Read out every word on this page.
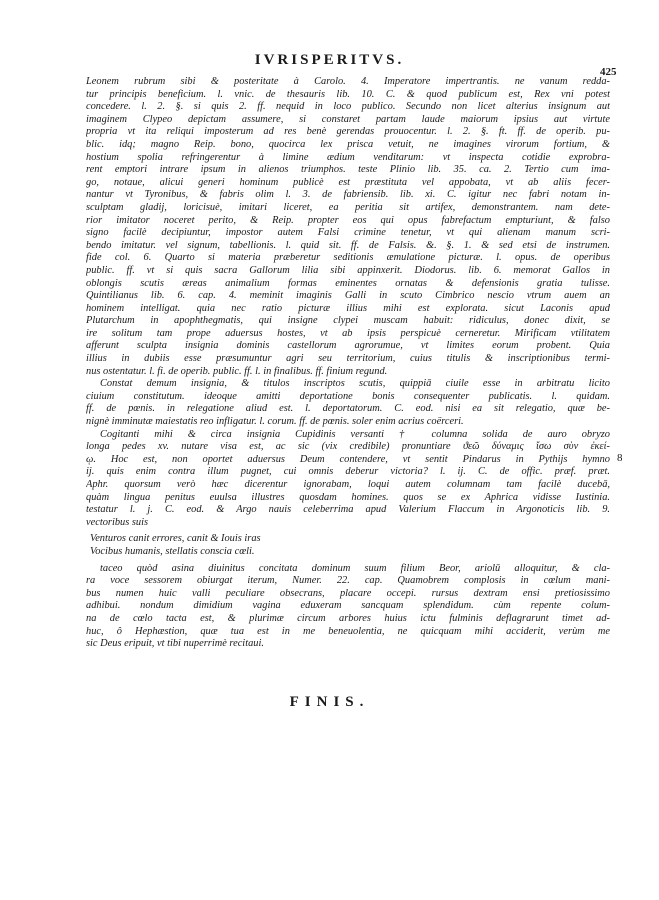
IVRISPERITVS.
425
Leonem rubrum sibi & posteritate à Carolo. 4. Imperatore impertrantis. ne vanum redda-
tur principis beneficium. l. vnic. de thesauris lib. 10. C. & quod publicum est, Rex vni potest
concedere. l. 2. §. si quis 2. ff. nequid in loco publico. Secundo non licet alterius insignum aut
imaginem Clypeo depictam assumere, si constaret partam laude maiorum ipsius aut virtute
propria vt ita reliqui imposterum ad res benè gerendas prouocentur. l. 2. §. ft. ff. de operib. pu-
blic. idq; magno Reip. bono, quocirca lex prisca vetuit, ne imagines virorum fortium, &
hostium spolia refringerentur à limine ædium venditarum: vt inspecta cotidie exprobra-
rent emptori intrare ipsum in alienos triumphos. teste Plinio lib. 35. ca. 2. Tertio cum ima-
go, notaue, alicui generi hominum publicè est præstituta vel appobata, vt ab aliis fecer-
nantur vt Tyronibus, & fabris olim l. 3. de fabriensib. lib. xi. C. igitur nec fabri notam in-
sculptam gladij, loricisuè, imitari liceret, ea peritia sit artifex, demonstrantem. nam dete-
rior imitator noceret perito, & Reip. propter eos qui opus fabrefactum empturiunt, & falso
signo facilè decipiuntur, impostor autem Falsi crimine tenetur, vt qui alienam manum scri-
bendo imitatur. vel signum, tabellionis. l. quid sit. ff. de Falsis. &. §. 1. & sed etsi de instrumen.
fide col. 6. Quarto si materia præberetur seditionis æmulatione picturæ. l. opus. de operibus
public. ff. vt si quis sacra Gallorum lilia sibi appinxerit. Diodorus. lib. 6. memorat Gallos in
oblongis scutis æreas animalium formas eminentes ornatas & defensionis gratia tulisse.
Quintilianus lib. 6. cap. 4. meminit imaginis Galli in scuto Cimbrico nescio vtrum auem an
hominem intelligat. quia nec ratio picturæ illius mihi est explorata. sicut Laconis apud
Plutarchum in apophthegmatis, qui insigne clypei muscam habuit: ridiculus, donec dixit, se
ire solitum tam prope aduersus hostes, vt ab ipsis perspicuè cerneretur. Mirificam vtilitatem
afferunt sculpta insignia dominis castellorum agrorumue, vt limites eorum probent. Quia
illius in dubiis esse præsumuntur agri seu territorium, cuius titulis & inscriptionibus termi-
nus ostentatur. l. fi. de operib. public. ff. l. in finalibus. ff. finium regund.
Constat demum insignia, & titulos inscriptos scutis, quippiā ciuile esse in arbitratu licito
ciuium constitutum. ideoque amitti deportatione bonis consequenter publicatis. l. quidam.
ff. de pœnis. in relegatione aliud est. l. deportatorum. C. eod. nisi ea sit relegatio, quæ be-
nignè imminutæ maiestatis reo infligatur. l. corum. ff. de pœnis. soler enim acrius coërceri.
Cogitanti mihi & circa insignia Cupidinis versanti † columna solida de auro obryzo
longa pedes xv. nutare visa est, ac sic (vix credibile) pronuntiare ϑεῶ δύναμις ἴσω σὺν ἐκεί-
ῳ. Hoc est, non oportet aduersus Deum contendere, vt sentit Pindarus in Pythijs hymno
ij. quis enim contra illum pugnet, cui omnis deberur victoria? l. ij. C. de offic. præf. præt.
Aphr. quorsum verò hæc dicerentur ignorabam, loqui autem columnam tam facilè ducebā,
quàm lingua penitus euulsa illustres quosdam homines. quos se ex Aphrica vidisse Iustinia.
testatur l. j. C. eod. & Argo nauis celeberrima apud Valerium Flaccum in Argonoticis lib. 9.
vectoribus suis
Venturos canit errores, canit & Iouis iras
Vocibus humanis, stellatis conscia cœli.
taceo quòd asina diuinitus concitata dominum suum filium Beor, ariolū alloquitur, & cla-
ra voce sessorem obiurgat iterum, Numer. 22. cap. Quamobrem complosis in cœlum mani-
bus numen huic valli peculiare obsecrans, placare occepi. rursus dextram ensi pretiosissimo
adhibui. nondum dimidium vagina eduxeram sancquam splendidum. cùm repente colum-
na de cœlo tacta est, & plurimæ circum arbores huius ictu fulminis deflagrarunt timet ad-
huc, ô Hephæstion, quæ tua est in me beneuolentia, ne quicquam mihi acciderit, verùm me
sic Deus eripuit, vt tibi nuperrimè recitaui.
8
FINIS.
